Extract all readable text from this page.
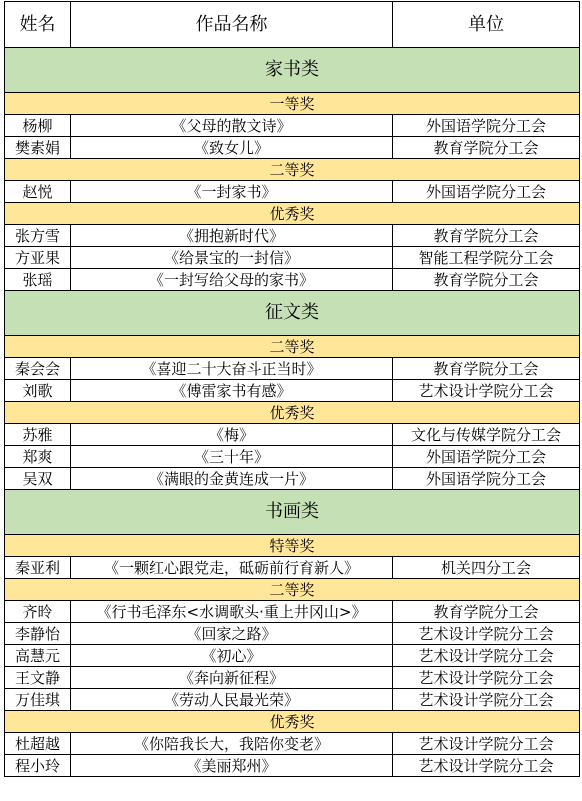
姓名	作品名称	单位
家书类		
一等奖		
杨柳	《父母的散文诗》	外国语学院分工会
樊素娟	《致女儿》	教育学院分工会
二等奖		
赵悦	《一封家书》	外国语学院分工会
优秀奖		
张方雪	《拥抱新时代》	教育学院分工会
方亚果	《给景宝的一封信》	智能工程学院分工会
张瑶	《一封写给父母的家书》	教育学院分工会
征文类		
二等奖		
秦会会	《喜迎二十大奋斗正当时》	教育学院分工会
刘歌	《傅雷家书有感》	艺术设计学院分工会
优秀奖		
苏雅	《梅》	文化与传媒学院分工会
郑爽	《三十年》	外国语学院分工会
吴双	《满眼的金黄连成一片》	外国语学院分工会
书画类		
特等奖		
秦亚利	《一颗红心跟党走，砥砺前行育新人》	机关四分工会
二等奖		
齐昤	《行书毛泽东<水调歌头·重上井冈山>》	教育学院分工会
李静怡	《回家之路》	艺术设计学院分工会
高慧元	《初心》	艺术设计学院分工会
王文静	《奔向新征程》	艺术设计学院分工会
万佳琪	《劳动人民最光荣》	艺术设计学院分工会
优秀奖		
杜超越	《你陪我长大，我陪你变老》	艺术设计学院分工会
程小玲	《美丽郑州》	艺术设计学院分工会
